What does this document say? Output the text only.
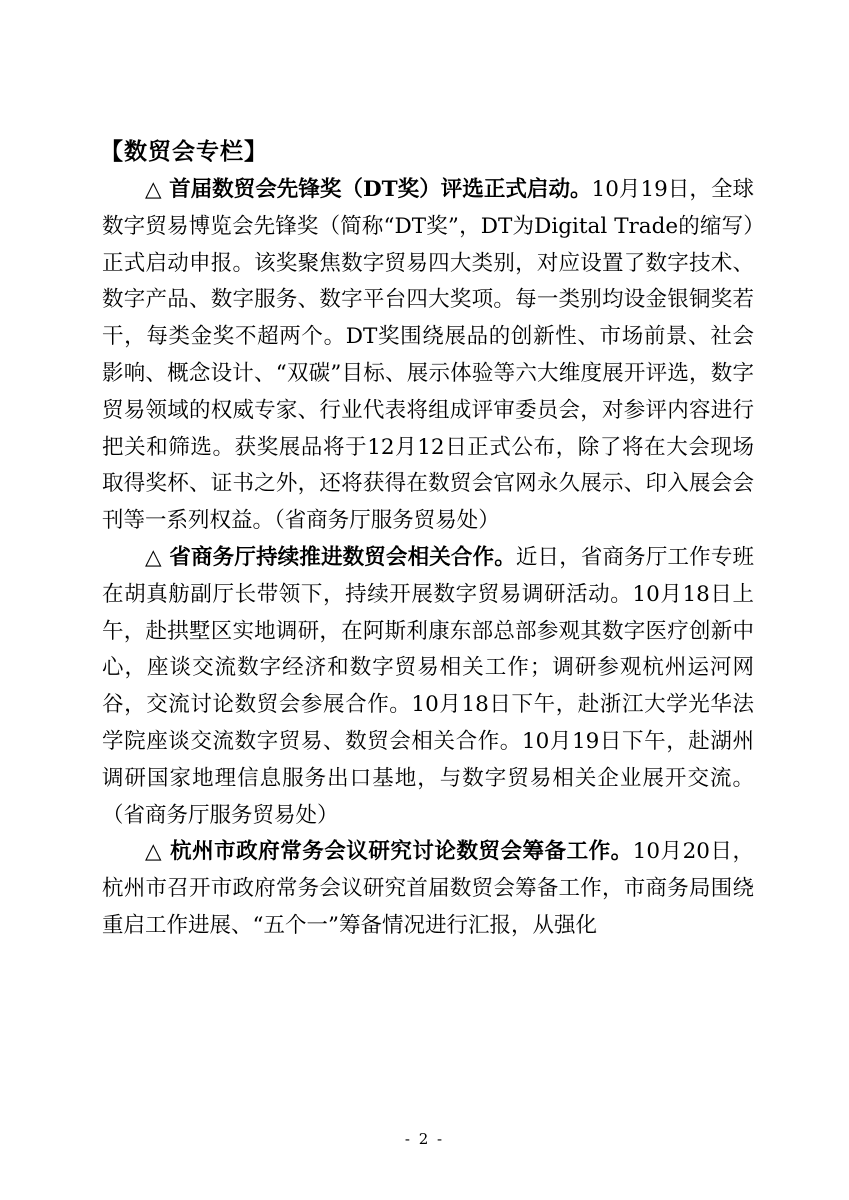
【数贸会专栏】

△ 首届数贸会先锋奖（DT奖）评选正式启动。10月19日，全球数字贸易博览会先锋奖（简称“DT奖”，DT为Digital Trade的缩写）正式启动申报。该奖聚焦数字贸易四大类别，对应设置了数字技术、数字产品、数字服务、数字平台四大奖项。每一类别均设金银铜奖若干，每类金奖不超两个。DT奖围绕展品的创新性、市场前景、社会影响、概念设计、“双碳”目标、展示体验等六大维度展开评选，数字贸易领域的权威专家、行业代表将组成评审委员会，对参评内容进行把关和筛选。获奖展品将于12月12日正式公布，除了将在大会现场取得奖杯、证书之外，还将获得在数贸会官网永久展示、印入展会会刊等一系列权益。（省商务厅服务贸易处）

△ 省商务厅持续推进数贸会相关合作。近日，省商务厅工作专班在胡真舫副厅长带领下，持续开展数字贸易调研活动。10月18日上午，赴拱墅区实地调研，在阿斯利康东部总部参观其数字医疗创新中心，座谈交流数字经济和数字贸易相关工作；调研参观杭州运河网谷，交流讨论数贸会参展合作。10月18日下午，赴浙江大学光华法学院座谈交流数字贸易、数贸会相关合作。10月19日下午，赴湖州调研国家地理信息服务出口基地，与数字贸易相关企业展开交流。（省商务厅服务贸易处）

△ 杭州市政府常务会议研究讨论数贸会筹备工作。10月20日，杭州市召开市政府常务会议研究首届数贸会筹备工作，市商务局围绕重启工作进展、“五个一”筹备情况进行汇报，从强化

- 2 -
